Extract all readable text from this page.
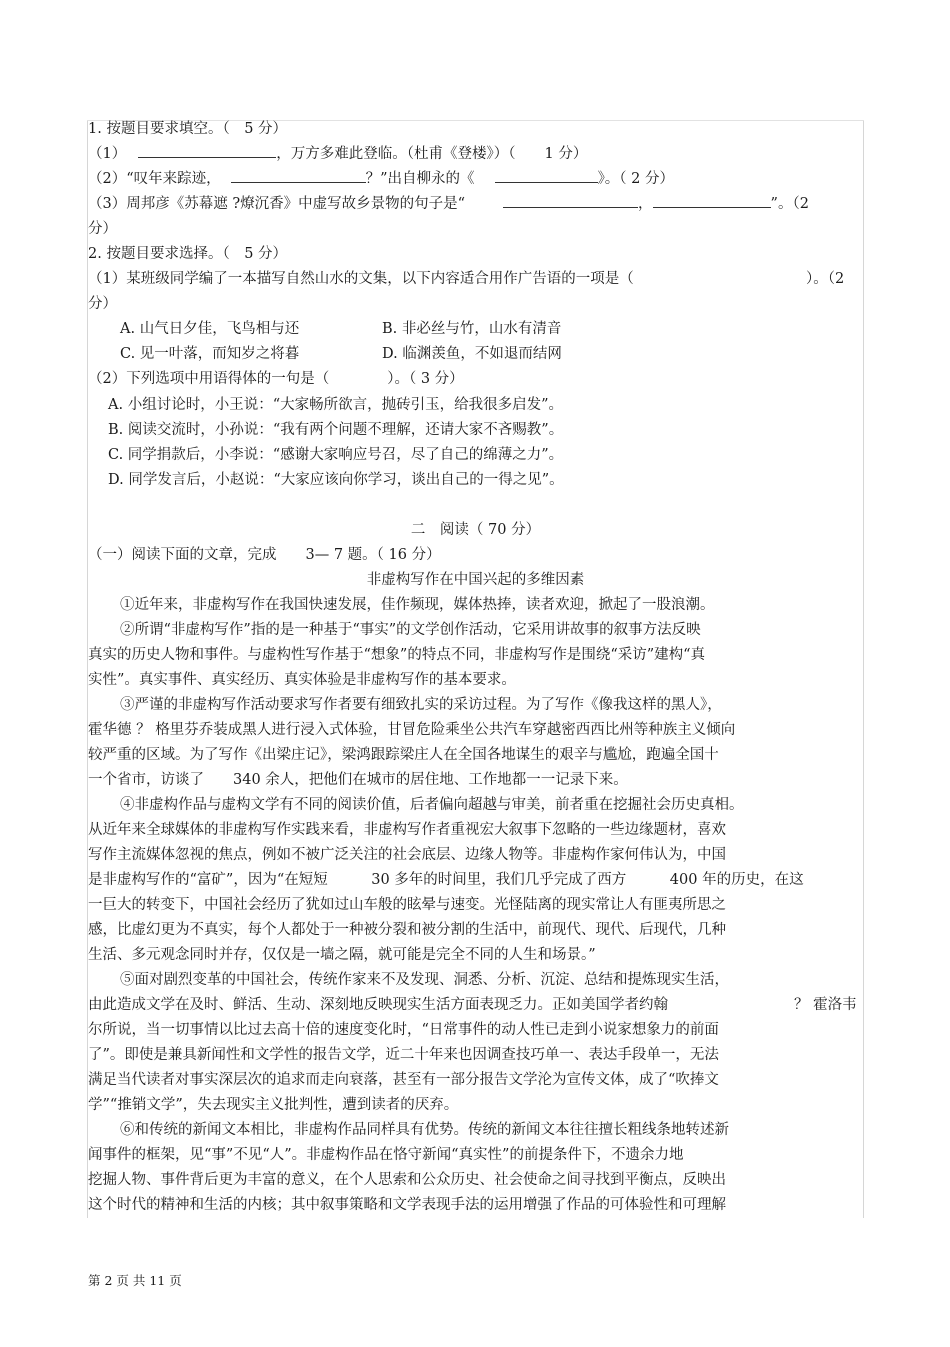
1. 按题目要求填空。（　5 分）
（1）	，万方多难此登临。（杜甫《登楼》）（　　1 分）
（2）“叹年来踪迹，	？”出自柳永的《	》。（ 2 分）
（3）周邦彦《苏幕遮 ?燎沉香》中虚写故乡景物的句子是“	，	”。（2
分）
2. 按题目要求选择。（　5 分）
（1）某班级同学编了一本描写自然山水的文集，以下内容适合用作广告语的一项是（	）。（2
分）
A. 山气日夕佳，飞鸟相与还	B. 非必丝与竹，山水有清音
C. 见一叶落，而知岁之将暮	D. 临渊羡鱼，不如退而结网
（2）下列选项中用语得体的一句是（　　　　）。（ 3 分）
A. 小组讨论时，小王说：“大家畅所欲言，抛砖引玉，给我很多启发”。
B. 阅读交流时，小孙说：“我有两个问题不理解，还请大家不吝赐教”。
C. 同学捐款后，小李说：“感谢大家响应号召，尽了自己的绵薄之力”。
D. 同学发言后，小赵说：“大家应该向你学习，谈出自己的一得之见”。
二　阅读（ 70 分）
（一）阅读下面的文章，完成　　3— 7 题。（ 16 分）
非虚构写作在中国兴起的多维因素
①近年来，非虚构写作在我国快速发展，佳作频现，媒体热捧，读者欢迎，掀起了一股浪潮。
②所谓“非虚构写作”指的是一种基于“事实”的文学创作活动，它采用讲故事的叙事方法反映
真实的历史人物和事件。与虚构性写作基于“想象”的特点不同，非虚构写作是围绕“采访”建构“真
实性”。真实事件、真实经历、真实体验是非虚构写作的基本要求。
③严谨的非虚构写作活动要求写作者要有细致扎实的采访过程。为了写作《像我这样的黑人》，
霍华德 ？ 格里芬乔装成黑人进行浸入式体验，甘冒危险乘坐公共汽车穿越密西西比州等种族主义倾向
较严重的区域。为了写作《出梁庄记》，梁鸿跟踪梁庄人在全国各地谋生的艰辛与尴尬，跑遍全国十
一个省市，访谈了　　340 余人，把他们在城市的居住地、工作地都一一记录下来。
④非虚构作品与虚构文学有不同的阅读价值，后者偏向超越与审美，前者重在挖掘社会历史真相。
从近年来全球媒体的非虚构写作实践来看，非虚构写作者重视宏大叙事下忽略的一些边缘题材，喜欢
写作主流媒体忽视的焦点，例如不被广泛关注的社会底层、边缘人物等。非虚构作家何伟认为，中国
是非虚构写作的“富矿”，因为“在短短　　　30 多年的时间里，我们几乎完成了西方　　　400 年的历史，在这
一巨大的转变下，中国社会经历了犹如过山车般的眩晕与速变。光怪陆离的现实常让人有匪夷所思之
感，比虚幻更为不真实，每个人都处于一种被分裂和被分割的生活中，前现代、现代、后现代，几种
生活、多元观念同时并存，仅仅是一墙之隔，就可能是完全不同的人生和场景。”
⑤面对剧烈变革的中国社会，传统作家来不及发现、洞悉、分析、沉淀、总结和提炼现实生活，
由此造成文学在及时、鲜活、生动、深刻地反映现实生活方面表现乏力。正如美国学者约翰	？ 霍洛韦
尔所说，当一切事情以比过去高十倍的速度变化时，“日常事件的动人性已走到小说家想象力的前面
了”。即使是兼具新闻性和文学性的报告文学，近二十年来也因调查技巧单一、表达手段单一，无法
满足当代读者对事实深层次的追求而走向衰落，甚至有一部分报告文学沦为宣传文体，成了“吹捧文
学”“推销文学”，失去现实主义批判性，遭到读者的厌弃。
⑥和传统的新闻文本相比，非虚构作品同样具有优势。传统的新闻文本往往擅长粗线条地转述新
闻事件的框架，见“事”不见“人”。非虚构作品在恪守新闻“真实性”的前提条件下，不遗余力地
挖掘人物、事件背后更为丰富的意义，在个人思索和公众历史、社会使命之间寻找到平衡点，反映出
这个时代的精神和生活的内核；其中叙事策略和文学表现手法的运用增强了作品的可体验性和可理解
第 2 页 共 11 页
